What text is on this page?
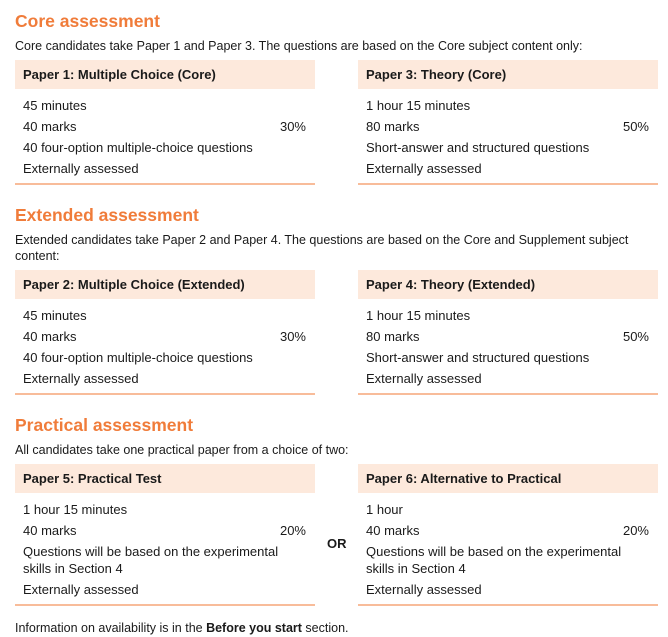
Core assessment
Core candidates take Paper 1 and Paper 3. The questions are based on the Core subject content only:
Paper 1: Multiple Choice (Core)
45 minutes
40 marks	30%
40 four-option multiple-choice questions
Externally assessed
Paper 3: Theory (Core)
1 hour 15 minutes
80 marks	50%
Short-answer and structured questions
Externally assessed
Extended assessment
Extended candidates take Paper 2 and Paper 4. The questions are based on the Core and Supplement subject content:
Paper 2: Multiple Choice (Extended)
45 minutes
40 marks	30%
40 four-option multiple-choice questions
Externally assessed
Paper 4: Theory (Extended)
1 hour 15 minutes
80 marks	50%
Short-answer and structured questions
Externally assessed
Practical assessment
All candidates take one practical paper from a choice of two:
Paper 5: Practical Test
1 hour 15 minutes
40 marks	20%
Questions will be based on the experimental skills in Section 4
Externally assessed
Paper 6: Alternative to Practical
1 hour
40 marks	20%
Questions will be based on the experimental skills in Section 4
Externally assessed
OR
Information on availability is in the Before you start section.
